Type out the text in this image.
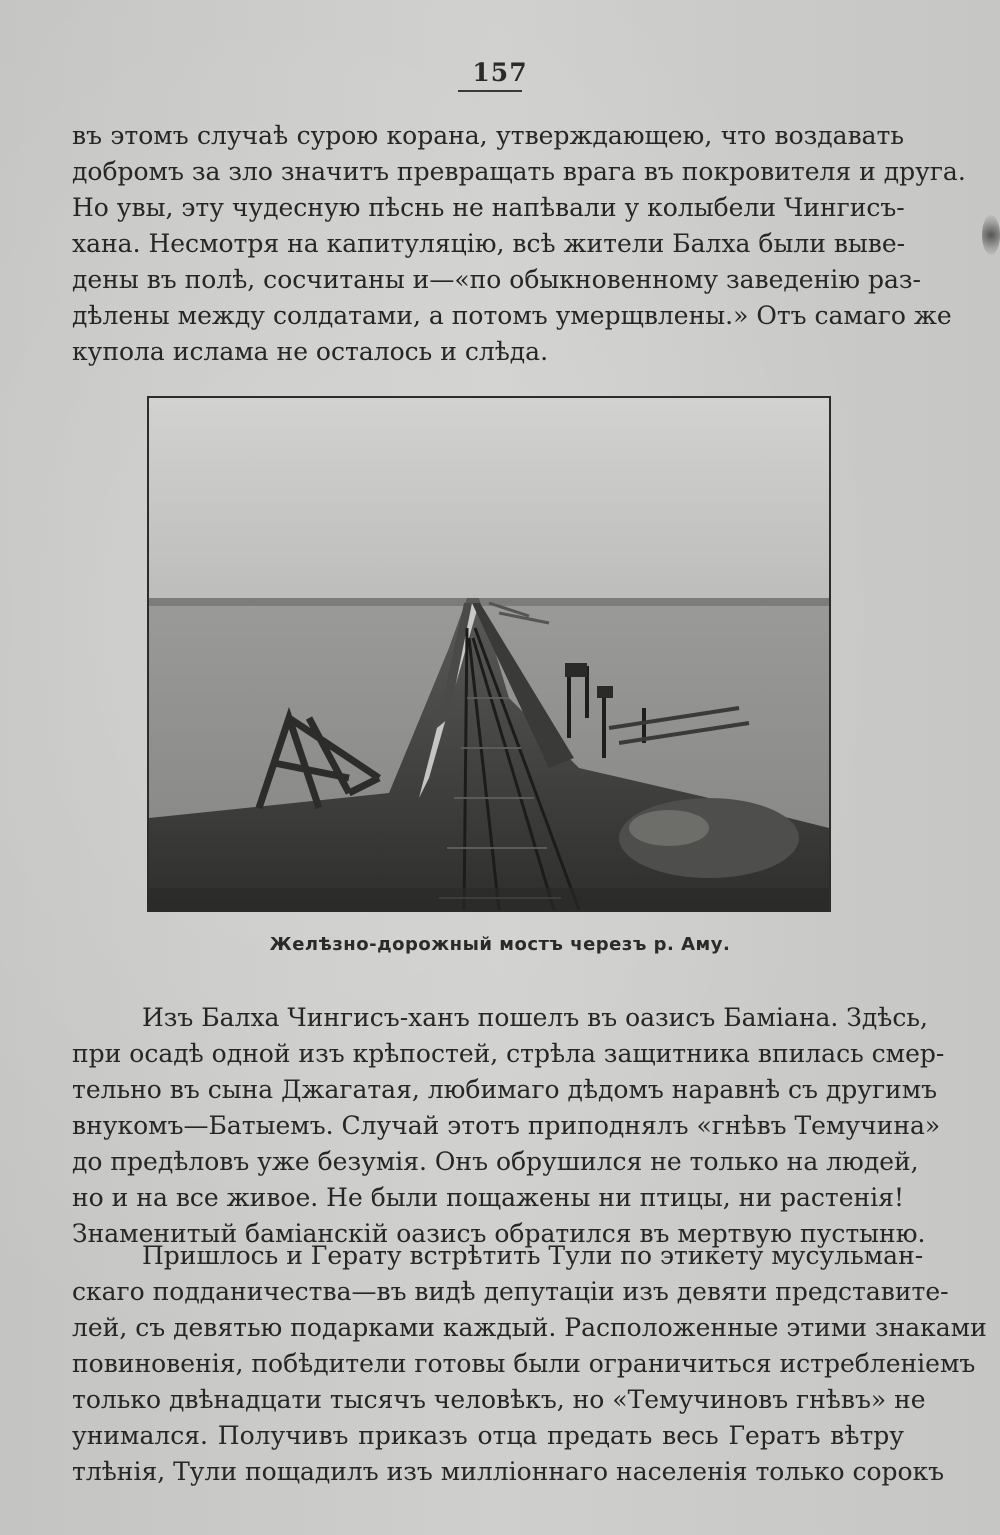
157
въ этомъ случаѣ сурою корана, утверждающею, что воздавать
добромъ за зло значитъ превращать врага въ покровителя и друга.
Но увы, эту чудесную пѣснь не напѣвали у колыбели Чингисъ-
хана. Несмотря на капитуляцію, всѣ жители Балха были выве-
дены въ полѣ, сосчитаны и—«по обыкновенному заведенію раз-
дѣлены между солдатами, а потомъ умерщвлены.» Отъ самаго же
купола ислама не осталось и слѣда.
Желѣзно-дорожный мостъ черезъ р. Аму.
Изъ Балха Чингисъ-ханъ пошелъ въ оазисъ Баміана. Здѣсь,
при осадѣ одной изъ крѣпостей, стрѣла защитника впилась смер-
тельно въ сына Джагатая, любимаго дѣдомъ наравнѣ съ другимъ
внукомъ—Батыемъ. Случай этотъ приподнялъ «гнѣвъ Темучина»
до предѣловъ уже безумія. Онъ обрушился не только на людей,
но и на все живое. Не были пощажены ни птицы, ни растенія!
Знаменитый баміанскій оазисъ обратился въ мертвую пустыню.
Пришлось и Герату встрѣтить Тули по этикету мусульман-
скаго подданичества—въ видѣ депутаціи изъ девяти представите-
лей, съ девятью подарками каждый. Расположенные этими знаками
повиновенія, побѣдители готовы были ограничиться истребленіемъ
только двѣнадцати тысячъ человѣкъ, но «Темучиновъ гнѣвъ» не
унимался. Получивъ приказъ отца предать весь Гератъ вѣтру
тлѣнія, Тули пощадилъ изъ милліоннаго населенія только сорокъ
